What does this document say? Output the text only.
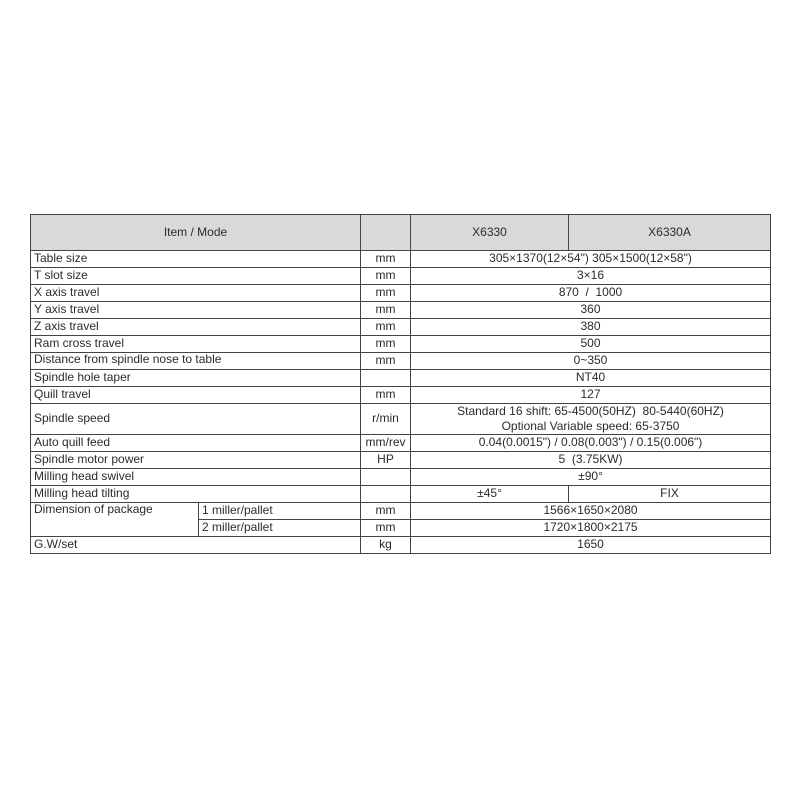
Item / Mode			X6330	X6330A
Table size		mm	305×1370(12×54") 305×1500(12×58")	
T slot size		mm	3×16	
X axis travel		mm	870  /  1000	
Y axis travel		mm	360	
Z axis travel		mm	380	
Ram cross travel		mm	500	
Distance from spindle nose to table		mm	0~350	
Spindle hole taper			NT40	
Quill travel		mm	127	
Spindle speed		r/min	Standard 16 shift: 65-4500(50HZ)  80-5440(60HZ)
Optional Variable speed: 65-3750	

Auto quill feed		mm/rev	0.04(0.0015") / 0.08(0.003") / 0.15(0.006")	
Spindle motor power		HP	5  (3.75KW)	
Milling head swivel			±90°	
Milling head tilting			±45°	FIX
Dimension of package	1 miller/pallet	mm	1566×1650×2080	
	2 miller/pallet	mm	1720×1800×2175	
G.W/set		kg	1650	
